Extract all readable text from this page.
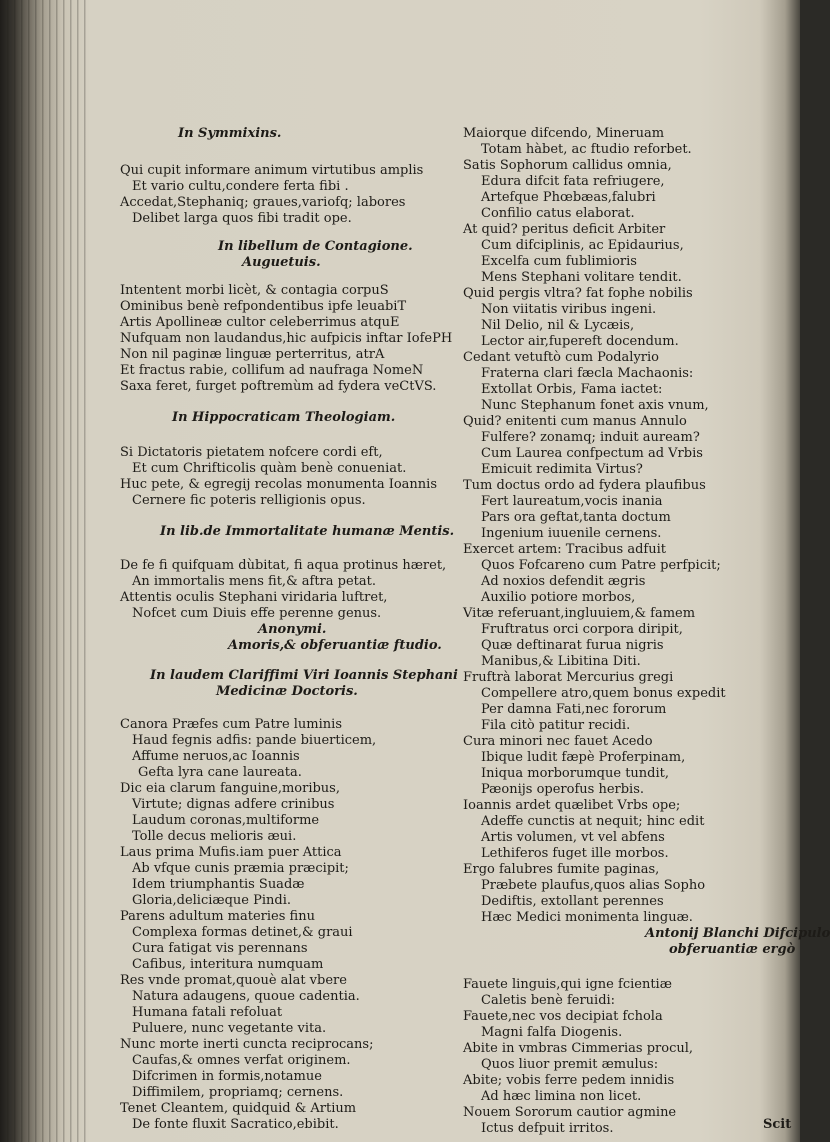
In Symmixins.
Qui cupit informare animum virtutibus amplis
Et vario cultu,condere ferta fibi .
Accedat,Stephaniq; graues,variofq; labores
Delibet larga quos fibi tradit ope.
In libellum de Contagione.
Auguetuis.
Intentent morbi licèt, & contagia corpuS
Ominibus benè refpondentibus ipfe leuabiT
Artis Apollineæ cultor celeberrimus atquE
Nufquam non laudandus,hic aufpicis inftar IofePH
Non nil paginæ linguæ perterritus, atrA
Et fractus rabie, collifum ad naufraga NomeN
Saxa feret, furget poftremùm ad fydera veCtVS.
In Hippocraticam Theologiam.
Si Dictatoris pietatem nofcere cordi eft,
Et cum Chrifticolis quàm benè conueniat.
Huc pete, & egregij recolas monumenta Ioannis
Cernere fic poteris relligionis opus.
In lib.de Immortalitate humanæ Mentis.
De fe fi quifquam dùbitat, fi aqua protinus hæret,
An immortalis mens fit,& aftra petat.
Attentis oculis Stephani viridaria luftret,
Nofcet cum Diuis effe perenne genus.
Anonymi.
Amoris,& obferuantiæ ftudio.
In laudem Clariffimi Viri Ioannis Stephani
Medicinæ Doctoris.
Canora Præfes cum Patre luminis
Haud fegnis adfis: pande biuerticem,
Affume neruos,ac Ioannis
Gefta lyra cane laureata.
Dic eia clarum fanguine,moribus,
Virtute; dignas adfere crinibus
Laudum coronas,multiforme
Tolle decus melioris æui.
Laus prima Mufis.iam puer Attica
Ab vfque cunis præmia præcipit;
Idem triumphantis Suadæ
Gloria,deliciæque Pindi.
Parens adultum materies finu
Complexa formas detinet,& graui
Cura fatigat vis perennans
Cafibus, interitura numquam
Res vnde promat,quouè alat vbere
Natura adaugens, quoue cadentia.
Humana fatali refoluat
Puluere, nunc vegetante vita.
Nunc morte inerti cuncta reciprocans;
Caufas,& omnes verfat originem.
Difcrimen in formis,notamue
Diffimilem, propriamq; cernens.
Tenet Cleantem, quidquid & Artium
De fonte fluxit Sacratico,ebibit.
Maiorque difcendo, Mineruam
Totam hàbet, ac ftudio reforbet.
Satis Sophorum callidus omnia,
Edura difcit fata refriugere,
Artefque Phœbæas,falubri
Confilio catus elaborat.
At quid? peritus deficit Arbiter
Cum difciplinis, ac Epidaurius,
Excelfa cum fublimioris
Mens Stephani volitare tendit.
Quid pergis vltra? fat fophe nobilis
Non viitatis viribus ingeni.
Nil Delio, nil & Lycæis,
Lector air,fupereft docendum.
Cedant vetuftò cum Podalyrio
Fraterna clari fæcla Machaonis:
Extollat Orbis, Fama iactet:
Nunc Stephanum fonet axis vnum,
Quid? enitenti cum manus Annulo
Fulfere? zonamq; induit auream?
Cum Laurea confpectum ad Vrbis
Emicuit redimita Virtus?
Tum doctus ordo ad fydera plaufibus
Fert laureatum,vocis inania
Pars ora geftat,tanta doctum
Ingenium iuuenile cernens.
Exercet artem: Tracibus adfuit
Quos Fofcareno cum Patre perfpicit;
Ad noxios defendit ægris
Auxilio potiore morbos,
Vitæ referuant,ingluuiem,& famem
Fruftratus orci corpora diripit,
Quæ deftinarat furua nigris
Manibus,& Libitina Diti.
Fruftrà laborat Mercurius gregi
Compellere atro,quem bonus expedit
Per damna Fati,nec fororum
Fila citò patitur recidi.
Cura minori nec fauet Acedo
Ibique ludit fæpè Proferpinam,
Iniqua morborumque tundit,
Pæonijs operofus herbis.
Ioannis ardet quælibet Vrbs ope;
Adeffe cunctis at nequit; hinc edit
Artis volumen, vt vel abfens
Lethiferos fuget ille morbos.
Ergo falubres fumite paginas,
Præbete plaufus,quos alias Sopho
Dediftis, extollant perennes
Hæc Medici monimenta linguæ.
Antonij Blanchi Difcipulo
obferuantiæ ergò
Fauete linguis,qui igne fcientiæ
Caletis benè feruidi:
Fauete,nec vos decipiat fchola
Magni falfa Diogenis.
Abite in vmbras Cimmerias procul,
Quos liuor premit æmulus:
Abite; vobis ferre pedem innidis
Ad hæc limina non licet.
Nouem Sororum cautior agmine
Ictus defpuit irritos.	Scit
